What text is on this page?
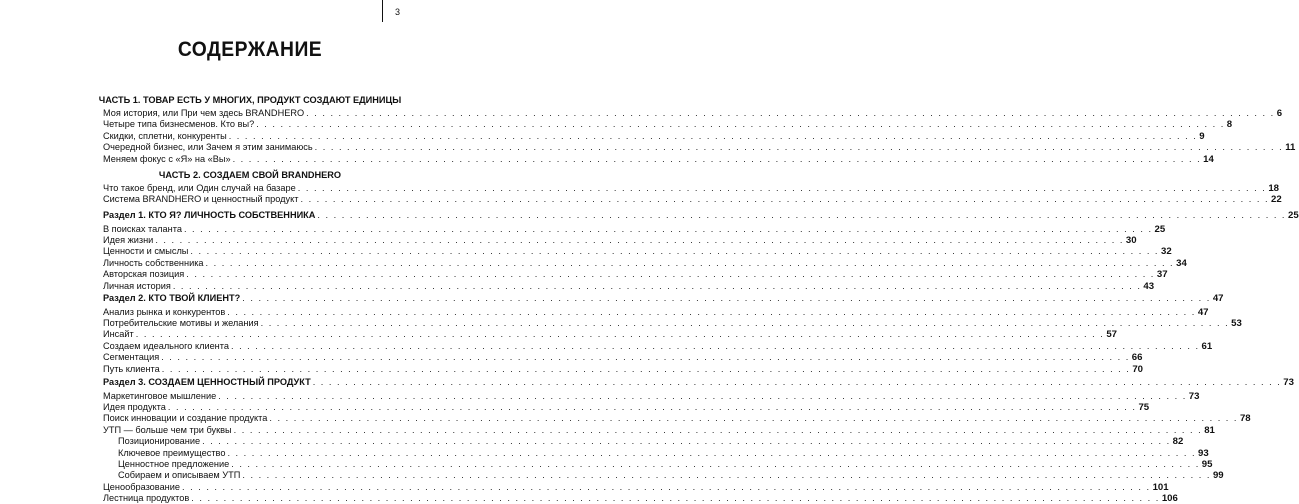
3
СОДЕРЖАНИЕ
ЧАСТЬ 1. ТОВАР ЕСТЬ У МНОГИХ, ПРОДУКТ СОЗДАЮТ ЕДИНИЦЫ
Моя история, или При чем здесь BRANDHERO . . . . . . . . . . . . . . . . . . . . . . . . . . . . . . . . . . . . . . . . . . . . . . . . . . . . . . . . . . . . . . . . . . . . . . . . . . . . . . . . . . . . . . . . . . . . . . . . . . . . . . . . . . . . . . . . . . . . . . . . 6
Четыре типа бизнесменов. Кто вы? . . . . . . . . . . . . . . . . . . . . . . . . . . . . . . . . . . . . . . . . . . . . . . . . . . . . . . . . . . . . . . . . . . . . . . . . . . . . . . . . . . . . . . . . . . . . . . . . . . . . . . . . . . . . . . . . . . . . . . . . 8
Скидки, сплетни, конкуренты . . . . . . . . . . . . . . . . . . . . . . . . . . . . . . . . . . . . . . . . . . . . . . . . . . . . . . . . . . . . . . . . . . . . . . . . . . . . . . . . . . . . . . . . . . . . . . . . . . . . . . . . . . . . . . . . . . . . . . . . 9
Очередной бизнес, или Зачем я этим занимаюсь . . . . . . . . . . . . . . . . . . . . . . . . . . . . . . . . . . . . . . . . . . . . . . . . . . . . . . . . . . . . . . . . . . . . . . . . . . . . . . . . . . . . . . . . . . . . . . . . . . . . . . . . . . . . . . . . . . . . . . . . 11
Меняем фокус с «Я» на «Вы» . . . . . . . . . . . . . . . . . . . . . . . . . . . . . . . . . . . . . . . . . . . . . . . . . . . . . . . . . . . . . . . . . . . . . . . . . . . . . . . . . . . . . . . . . . . . . . . . . . . . . . . . . . . . . . . . . . . . . . . . 14
ЧАСТЬ 2. СОЗДАЕМ СВОЙ BRANDHERO
Что такое бренд, или Один случай на базаре . . . . . . . . . . . . . . . . . . . . . . . . . . . . . . . . . . . . . . . . . . . . . . . . . . . . . . . . . . . . . . . . . . . . . . . . . . . . . . . . . . . . . . . . . . . . . . . . . . . . . . . . . . . . . . . . . . . . . . . . 18
Система BRANDHERO и ценностный продукт . . . . . . . . . . . . . . . . . . . . . . . . . . . . . . . . . . . . . . . . . . . . . . . . . . . . . . . . . . . . . . . . . . . . . . . . . . . . . . . . . . . . . . . . . . . . . . . . . . . . . . . . . . . . . . . . . . . . . . . . 22
Раздел 1. КТО Я? ЛИЧНОСТЬ СОБСТВЕННИКА . . . . . . . . . . . . . . . . . . . . . . . . . . . . . . . . . . . . . . . . . . . . . . . . . . . . . . . . . . . . . . . . . . . . . . . . . . . . . . . . . . . . . . . . . . . . . . . . . . . . . . . . . . . . . . . . . . . . . . . . 25
В поисках таланта . . . . . . . . . . . . . . . . . . . . . . . . . . . . . . . . . . . . . . . . . . . . . . . . . . . . . . . . . . . . . . . . . . . . . . . . . . . . . . . . . . . . . . . . . . . . . . . . . . . . . . . . . . . . . . . . . . . . . . . . 25
Идея жизни . . . . . . . . . . . . . . . . . . . . . . . . . . . . . . . . . . . . . . . . . . . . . . . . . . . . . . . . . . . . . . . . . . . . . . . . . . . . . . . . . . . . . . . . . . . . . . . . . . . . . . . . . . . . . . . . . . . . . . . . 30
Ценности и смыслы . . . . . . . . . . . . . . . . . . . . . . . . . . . . . . . . . . . . . . . . . . . . . . . . . . . . . . . . . . . . . . . . . . . . . . . . . . . . . . . . . . . . . . . . . . . . . . . . . . . . . . . . . . . . . . . . . . . . . . . . 32
Личность собственника . . . . . . . . . . . . . . . . . . . . . . . . . . . . . . . . . . . . . . . . . . . . . . . . . . . . . . . . . . . . . . . . . . . . . . . . . . . . . . . . . . . . . . . . . . . . . . . . . . . . . . . . . . . . . . . . . . . . . . . . 34
Авторская позиция . . . . . . . . . . . . . . . . . . . . . . . . . . . . . . . . . . . . . . . . . . . . . . . . . . . . . . . . . . . . . . . . . . . . . . . . . . . . . . . . . . . . . . . . . . . . . . . . . . . . . . . . . . . . . . . . . . . . . . . . 37
Личная история . . . . . . . . . . . . . . . . . . . . . . . . . . . . . . . . . . . . . . . . . . . . . . . . . . . . . . . . . . . . . . . . . . . . . . . . . . . . . . . . . . . . . . . . . . . . . . . . . . . . . . . . . . . . . . . . . . . . . . . . 43
Раздел 2. КТО ТВОЙ КЛИЕНТ? . . . . . . . . . . . . . . . . . . . . . . . . . . . . . . . . . . . . . . . . . . . . . . . . . . . . . . . . . . . . . . . . . . . . . . . . . . . . . . . . . . . . . . . . . . . . . . . . . . . . . . . . . . . . . . . . . . . . . . . . 47
Анализ рынка и конкурентов . . . . . . . . . . . . . . . . . . . . . . . . . . . . . . . . . . . . . . . . . . . . . . . . . . . . . . . . . . . . . . . . . . . . . . . . . . . . . . . . . . . . . . . . . . . . . . . . . . . . . . . . . . . . . . . . . . . . . . . . 47
Потребительские мотивы и желания . . . . . . . . . . . . . . . . . . . . . . . . . . . . . . . . . . . . . . . . . . . . . . . . . . . . . . . . . . . . . . . . . . . . . . . . . . . . . . . . . . . . . . . . . . . . . . . . . . . . . . . . . . . . . . . . . . . . . . . . 53
Инсайт . . . . . . . . . . . . . . . . . . . . . . . . . . . . . . . . . . . . . . . . . . . . . . . . . . . . . . . . . . . . . . . . . . . . . . . . . . . . . . . . . . . . . . . . . . . . . . . . . . . . . . . . . . . . . . . . . . . . . . . . 57
Создаем идеального клиента . . . . . . . . . . . . . . . . . . . . . . . . . . . . . . . . . . . . . . . . . . . . . . . . . . . . . . . . . . . . . . . . . . . . . . . . . . . . . . . . . . . . . . . . . . . . . . . . . . . . . . . . . . . . . . . . . . . . . . . . 61
Сегментация . . . . . . . . . . . . . . . . . . . . . . . . . . . . . . . . . . . . . . . . . . . . . . . . . . . . . . . . . . . . . . . . . . . . . . . . . . . . . . . . . . . . . . . . . . . . . . . . . . . . . . . . . . . . . . . . . . . . . . . . 66
Путь клиента . . . . . . . . . . . . . . . . . . . . . . . . . . . . . . . . . . . . . . . . . . . . . . . . . . . . . . . . . . . . . . . . . . . . . . . . . . . . . . . . . . . . . . . . . . . . . . . . . . . . . . . . . . . . . . . . . . . . . . . . 70
Раздел 3. СОЗДАЕМ ЦЕННОСТНЫЙ ПРОДУКТ . . . . . . . . . . . . . . . . . . . . . . . . . . . . . . . . . . . . . . . . . . . . . . . . . . . . . . . . . . . . . . . . . . . . . . . . . . . . . . . . . . . . . . . . . . . . . . . . . . . . . . . . . . . . . . . . . . . . . . . . 73
Маркетинговое мышление . . . . . . . . . . . . . . . . . . . . . . . . . . . . . . . . . . . . . . . . . . . . . . . . . . . . . . . . . . . . . . . . . . . . . . . . . . . . . . . . . . . . . . . . . . . . . . . . . . . . . . . . . . . . . . . . . . . . . . . . 73
Идея продукта . . . . . . . . . . . . . . . . . . . . . . . . . . . . . . . . . . . . . . . . . . . . . . . . . . . . . . . . . . . . . . . . . . . . . . . . . . . . . . . . . . . . . . . . . . . . . . . . . . . . . . . . . . . . . . . . . . . . . . . . 75
Поиск инновации и создание продукта . . . . . . . . . . . . . . . . . . . . . . . . . . . . . . . . . . . . . . . . . . . . . . . . . . . . . . . . . . . . . . . . . . . . . . . . . . . . . . . . . . . . . . . . . . . . . . . . . . . . . . . . . . . . . . . . . . . . . . . . 78
УТП — больше чем три буквы . . . . . . . . . . . . . . . . . . . . . . . . . . . . . . . . . . . . . . . . . . . . . . . . . . . . . . . . . . . . . . . . . . . . . . . . . . . . . . . . . . . . . . . . . . . . . . . . . . . . . . . . . . . . . . . . . . . . . . . . 81
Позиционирование . . . . . . . . . . . . . . . . . . . . . . . . . . . . . . . . . . . . . . . . . . . . . . . . . . . . . . . . . . . . . . . . . . . . . . . . . . . . . . . . . . . . . . . . . . . . . . . . . . . . . . . . . . . . . . . . . . . . . . . . 82
Ключевое преимущество . . . . . . . . . . . . . . . . . . . . . . . . . . . . . . . . . . . . . . . . . . . . . . . . . . . . . . . . . . . . . . . . . . . . . . . . . . . . . . . . . . . . . . . . . . . . . . . . . . . . . . . . . . . . . . . . . . . . . . . . 93
Ценностное предложение . . . . . . . . . . . . . . . . . . . . . . . . . . . . . . . . . . . . . . . . . . . . . . . . . . . . . . . . . . . . . . . . . . . . . . . . . . . . . . . . . . . . . . . . . . . . . . . . . . . . . . . . . . . . . . . . . . . . . . . . 95
Собираем и описываем УТП . . . . . . . . . . . . . . . . . . . . . . . . . . . . . . . . . . . . . . . . . . . . . . . . . . . . . . . . . . . . . . . . . . . . . . . . . . . . . . . . . . . . . . . . . . . . . . . . . . . . . . . . . . . . . . . . . . . . . . . . 99
Ценообразование . . . . . . . . . . . . . . . . . . . . . . . . . . . . . . . . . . . . . . . . . . . . . . . . . . . . . . . . . . . . . . . . . . . . . . . . . . . . . . . . . . . . . . . . . . . . . . . . . . . . . . . . . . . . . . . . . . . . . . . . 101
Лестница продуктов . . . . . . . . . . . . . . . . . . . . . . . . . . . . . . . . . . . . . . . . . . . . . . . . . . . . . . . . . . . . . . . . . . . . . . . . . . . . . . . . . . . . . . . . . . . . . . . . . . . . . . . . . . . . . . . . . . . . . . . . 106
